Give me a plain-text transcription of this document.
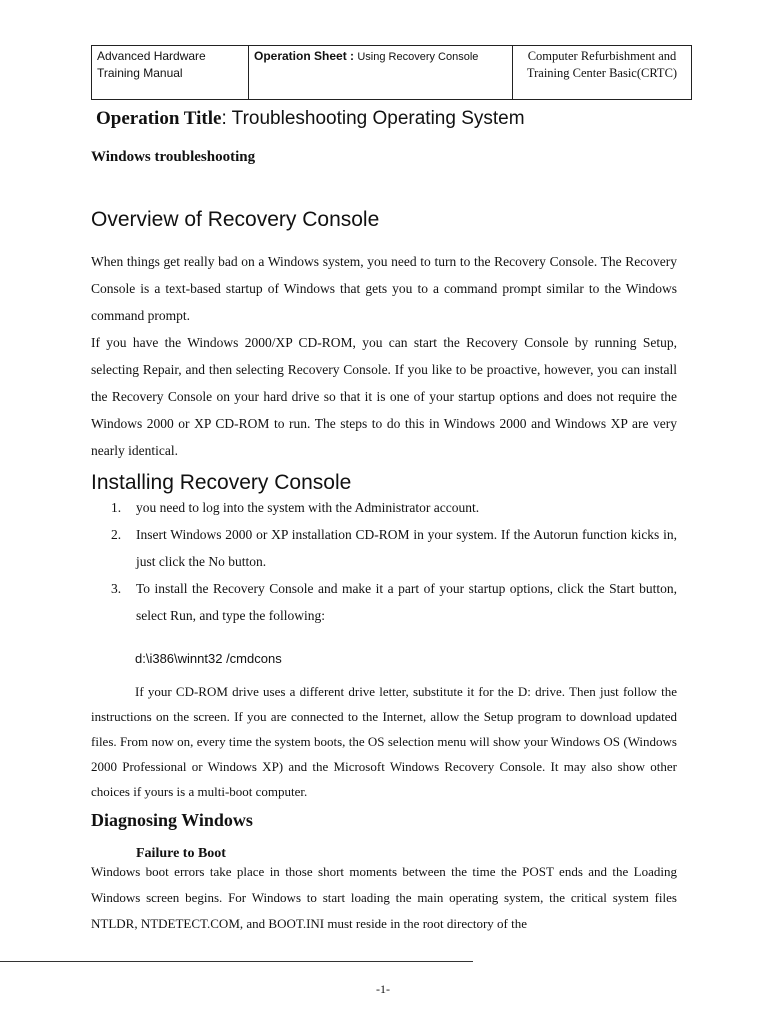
Advanced Hardware Training Manual	Operation Sheet : Using Recovery Console	Computer Refurbishment and Training Center Basic(CRTC)
Operation Title: Troubleshooting Operating System
Windows troubleshooting
Overview of Recovery Console

When things get really bad on a Windows system, you need to turn to the Recovery Console. The Recovery Console is a text-based startup of Windows that gets you to a command prompt similar to the Windows command prompt.

If you have the Windows 2000/XP CD-ROM, you can start the Recovery Console by running Setup, selecting Repair, and then selecting Recovery Console. If you like to be proactive, however, you can install the Recovery Console on your hard drive so that it is one of your startup options and does not require the Windows 2000 or XP CD-ROM to run. The steps to do this in Windows 2000 and Windows XP are very nearly identical.

Installing Recovery Console
1. you need to log into the system with the Administrator account.
2. Insert Windows 2000 or XP installation CD-ROM in your system. If the Autorun function kicks in, just click the No button.
3. To install the Recovery Console and make it a part of your startup options, click the Start button, select Run, and type the following:
d:\i386\winnt32 /cmdcons

If your CD-ROM drive uses a different drive letter, substitute it for the D: drive. Then just follow the instructions on the screen. If you are connected to the Internet, allow the Setup program to download updated files. From now on, every time the system boots, the OS selection menu will show your Windows OS (Windows 2000 Professional or Windows XP) and the Microsoft Windows Recovery Console. It may also show other choices if yours is a multi-boot computer.

Diagnosing Windows
Failure to Boot

Windows boot errors take place in those short moments between the time the POST ends and the Loading Windows screen begins. For Windows to start loading the main operating system, the critical system files NTLDR, NTDETECT.COM, and BOOT.INI must reside in the root directory of the

-1-
